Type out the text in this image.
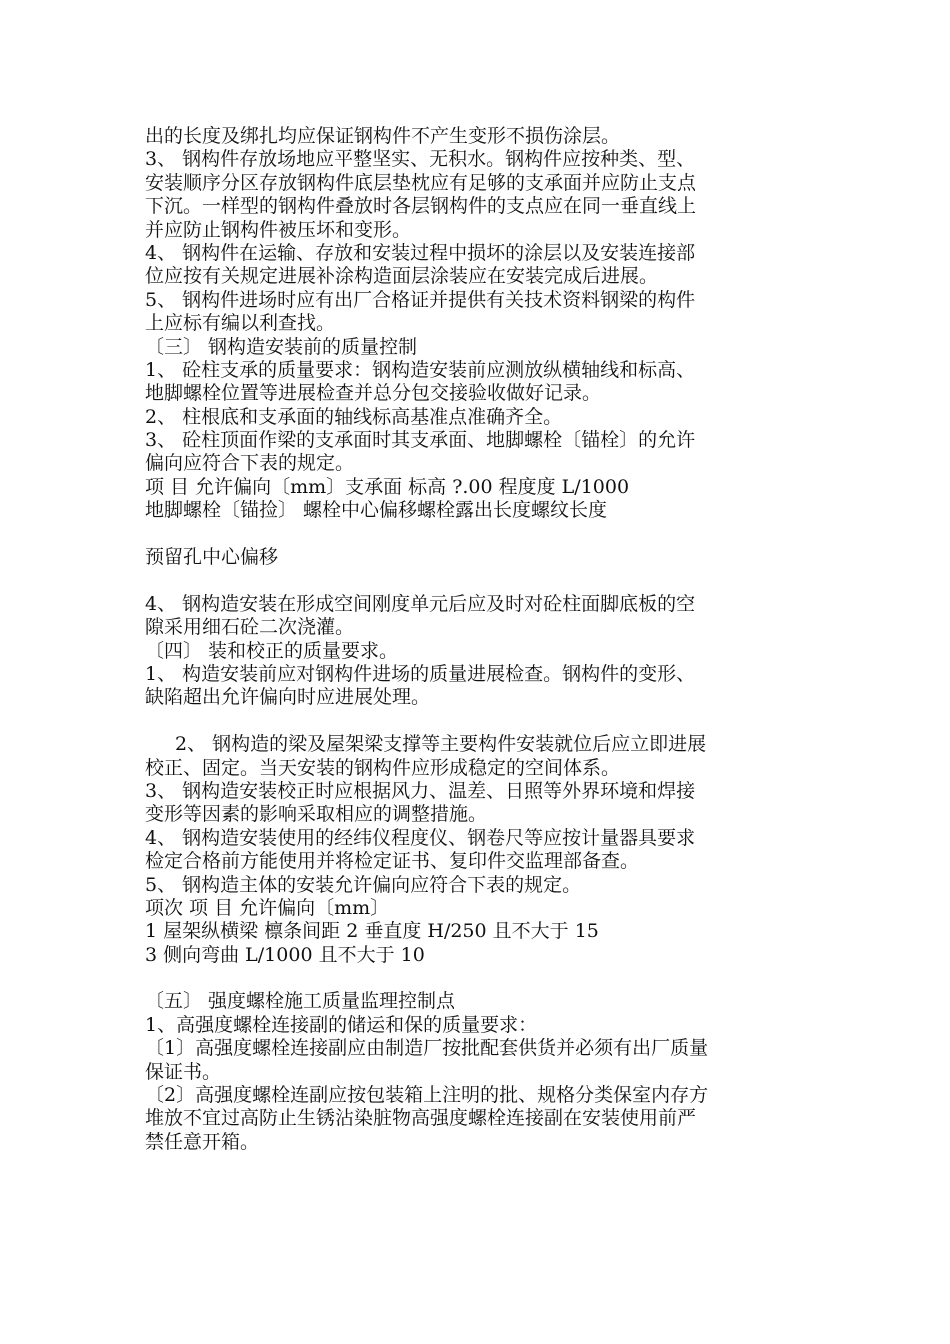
出的长度及绑扎均应保证钢构件不产生变形不损伤涂层。
3、 钢构件存放场地应平整坚实、无积水。钢构件应按种类、型、
安装顺序分区存放钢构件底层垫枕应有足够的支承面并应防止支点
下沉。一样型的钢构件叠放时各层钢构件的支点应在同一垂直线上
并应防止钢构件被压坏和变形。
4、 钢构件在运输、存放和安装过程中损坏的涂层以及安装连接部
位应按有关规定进展补涂构造面层涂装应在安装完成后进展。
5、 钢构件进场时应有出厂合格证并提供有关技术资料钢梁的构件
上应标有编以利查找。
〔三〕 钢构造安装前的质量控制
1、 砼柱支承的质量要求：钢构造安装前应测放纵横轴线和标高、
地脚螺栓位置等进展检查并总分包交接验收做好记录。
2、 柱根底和支承面的轴线标高基准点准确齐全。
3、 砼柱顶面作梁的支承面时其支承面、地脚螺栓〔锚栓〕的允许
偏向应符合下表的规定。
项 目 允许偏向〔mm〕支承面 标高 ?.00 程度度 L/1000
地脚螺栓〔锚捡〕 螺栓中心偏移螺栓露出长度螺纹长度
预留孔中心偏移
4、 钢构造安装在形成空间刚度单元后应及时对砼柱面脚底板的空
隙采用细石砼二次浇灌。
〔四〕 装和校正的质量要求。
1、 构造安装前应对钢构件进场的质量进展检查。钢构件的变形、
缺陷超出允许偏向时应进展处理。
2、 钢构造的梁及屋架梁支撑等主要构件安装就位后应立即进展
校正、固定。当天安装的钢构件应形成稳定的空间体系。
3、 钢构造安装校正时应根据风力、温差、日照等外界环境和焊接
变形等因素的影响采取相应的调整措施。
4、 钢构造安装使用的经纬仪程度仪、钢卷尺等应按计量器具要求
检定合格前方能使用并将检定证书、复印件交监理部备查。
5、 钢构造主体的安装允许偏向应符合下表的规定。
项次 项 目 允许偏向〔mm〕
1 屋架纵横梁 檩条间距 2 垂直度 H/250 且不大于 15
3 侧向弯曲 L/1000 且不大于 10
〔五〕 强度螺栓施工质量监理控制点
1、高强度螺栓连接副的储运和保的质量要求：
〔1〕高强度螺栓连接副应由制造厂按批配套供货并必须有出厂质量
保证书。
〔2〕高强度螺栓连副应按包装箱上注明的批、规格分类保室内存方
堆放不宜过高防止生锈沾染脏物高强度螺栓连接副在安装使用前严
禁任意开箱。
